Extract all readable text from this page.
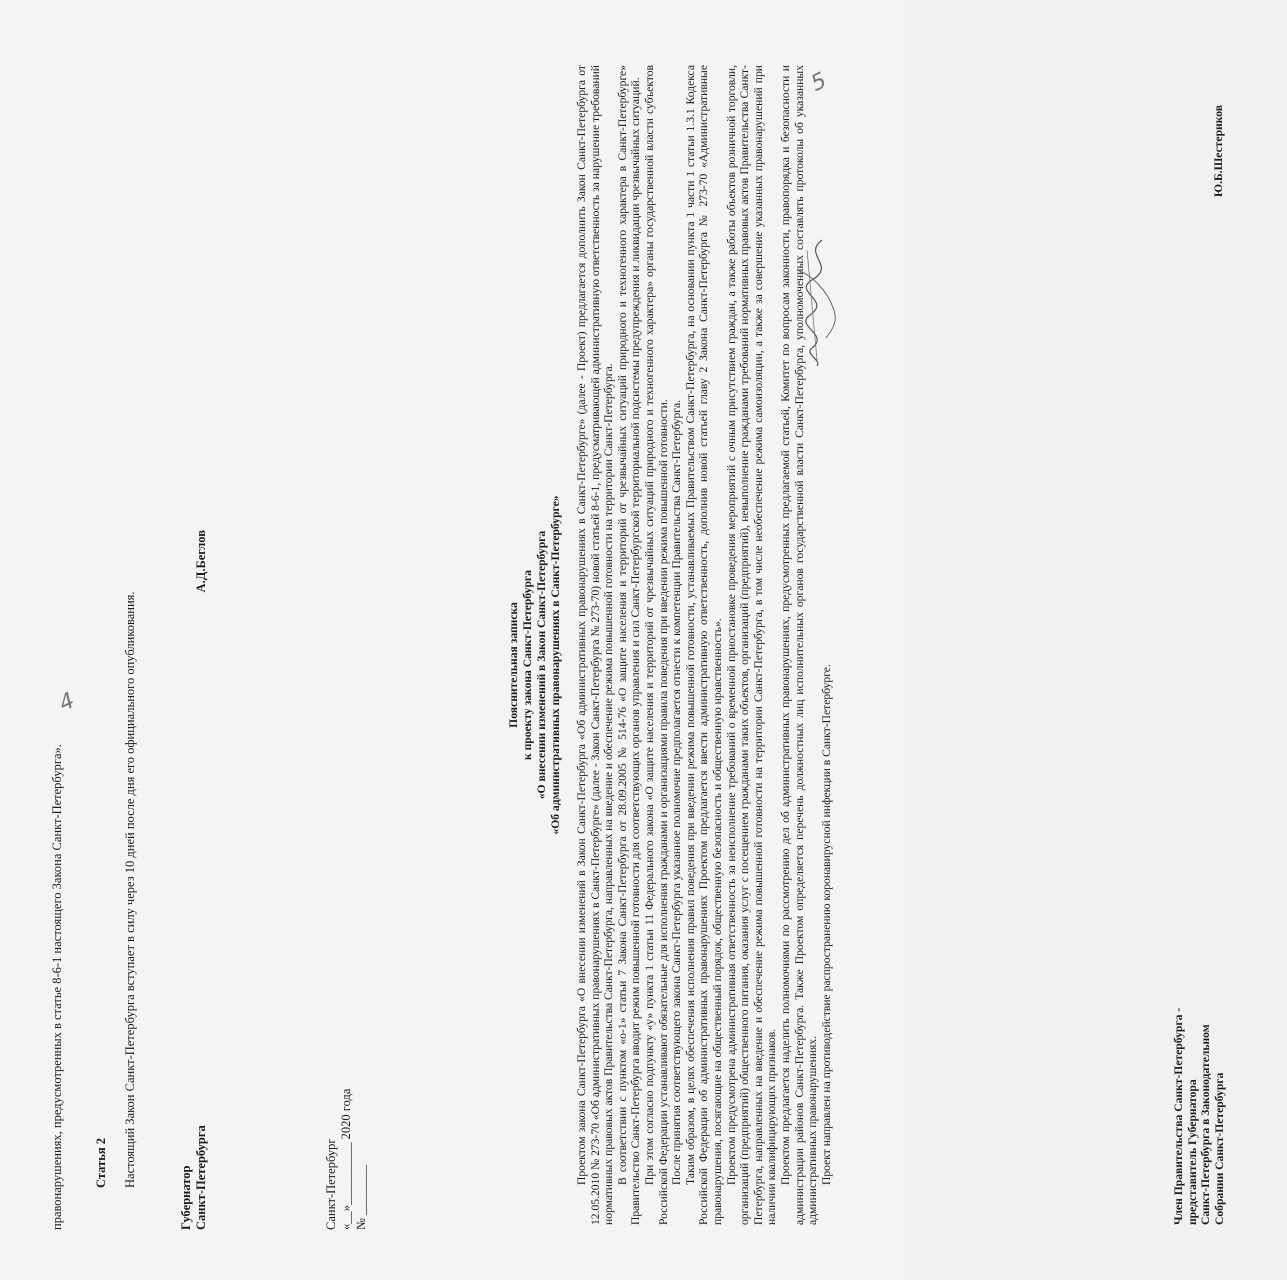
4

правонарушениях, предусмотренных в статье 8-6-1 настоящего Закона Санкт-Петербурга». Статья 2 Настоящий Закон Санкт-Петербурга вступает в силу через 10 дней после дня его официального опубликования.

Губернатор Санкт-Петербурга
А.Д.Беглов
Санкт-Петербург «__»__________ 2020 года № ________
5
Пояснительная записка к проекту закона Санкт-Петербурга «О внесении изменений в Закон Санкт-Петербурга «Об административных правонарушениях в Санкт-Петербурге» Проектом закона Санкт-Петербурга «О внесении изменений в Закон Санкт-Петербурга «Об административных правонарушениях в Санкт-Петербурге» (далее - Проект) предлагается дополнить Закон Санкт-Петербурга от 12.05.2010 № 273-70 «Об административных правонарушениях в Санкт-Петербурге» (далее - Закон Санкт-Петербурга № 273-70) новой статьей 8-6-1, предусматривающей административную ответственность за нарушение требований нормативных правовых актов Правительства Санкт-Петербурга, направленных на введение и обеспечение режима повышенной готовности на территории Санкт-Петербурга. В соответствии с пунктом «о-1» статьи 7 Закона Санкт-Петербурга от 28.09.2005 № 514-76 «О защите населения и территорий от чрезвычайных ситуаций природного и техногенного характера в Санкт-Петербурге» Правительство Санкт-Петербурга вводит режим повышенной готовности для соответствующих органов управления и сил Санкт-Петербургской территориальной подсистемы предупреждения и ликвидации чрезвычайных ситуаций. При этом согласно подпункту «у» пункта 1 статьи 11 Федерального закона «О защите населения и территорий от чрезвычайных ситуаций природного и техногенного характера» органы государственной власти субъектов Российской Федерации устанавливают обязательные для исполнения гражданами и организациями правила поведения при введении режима повышенной готовности. После принятия соответствующего закона Санкт-Петербурга указанное полномочие предполагается отнести к компетенции Правительства Санкт-Петербурга. Таким образом, в целях обеспечения исполнения правил поведения при введении режима повышенной готовности, устанавливаемых Правительством Санкт-Петербурга, на основании пункта 1 части 1 статьи 1.3.1 Кодекса Российской Федерации об административных правонарушениях Проектом предлагается ввести административную ответственность, дополнив новой статьей главу 2 Закона Санкт-Петербурга № 273-70 «Административные правонарушения, посягающие на общественный порядок, общественную безопасность и общественную нравственность». Проектом предусмотрена административная ответственность за неисполнение требований о временной приостановке проведения мероприятий с очным присутствием граждан, а также работы объектов розничной торговли, организаций (предприятий) общественного питания, оказания услуг с посещением гражданами таких объектов, организаций (предприятий), невыполнение гражданами требований нормативных правовых актов Правительства Санкт-Петербурга, направленных на введение и обеспечение режима повышенной готовности на территории Санкт-Петербурга, в том числе необеспечение режима самоизоляции, а также за совершение указанных правонарушений при наличии квалифицирующих признаков. Проектом предлагается наделить полномочиями по рассмотрению дел об административных правонарушениях, предусмотренных предлагаемой статьей, Комитет по вопросам законности, правопорядка и безопасности и администрации районов Санкт-Петербурга. Также Проектом определяется перечень должностных лиц исполнительных органов государственной власти Санкт-Петербурга, уполномоченных составлять протоколы об указанных административных правонарушениях. Проект направлен на противодействие распространению коронавирусной инфекции в Санкт-Петербурге.	Член Правительства Санкт-Петербурга - представитель Губернатора Санкт-Петербурга в Законодательном Собрании Санкт-Петербурга
Ю.Б.Шестериков
